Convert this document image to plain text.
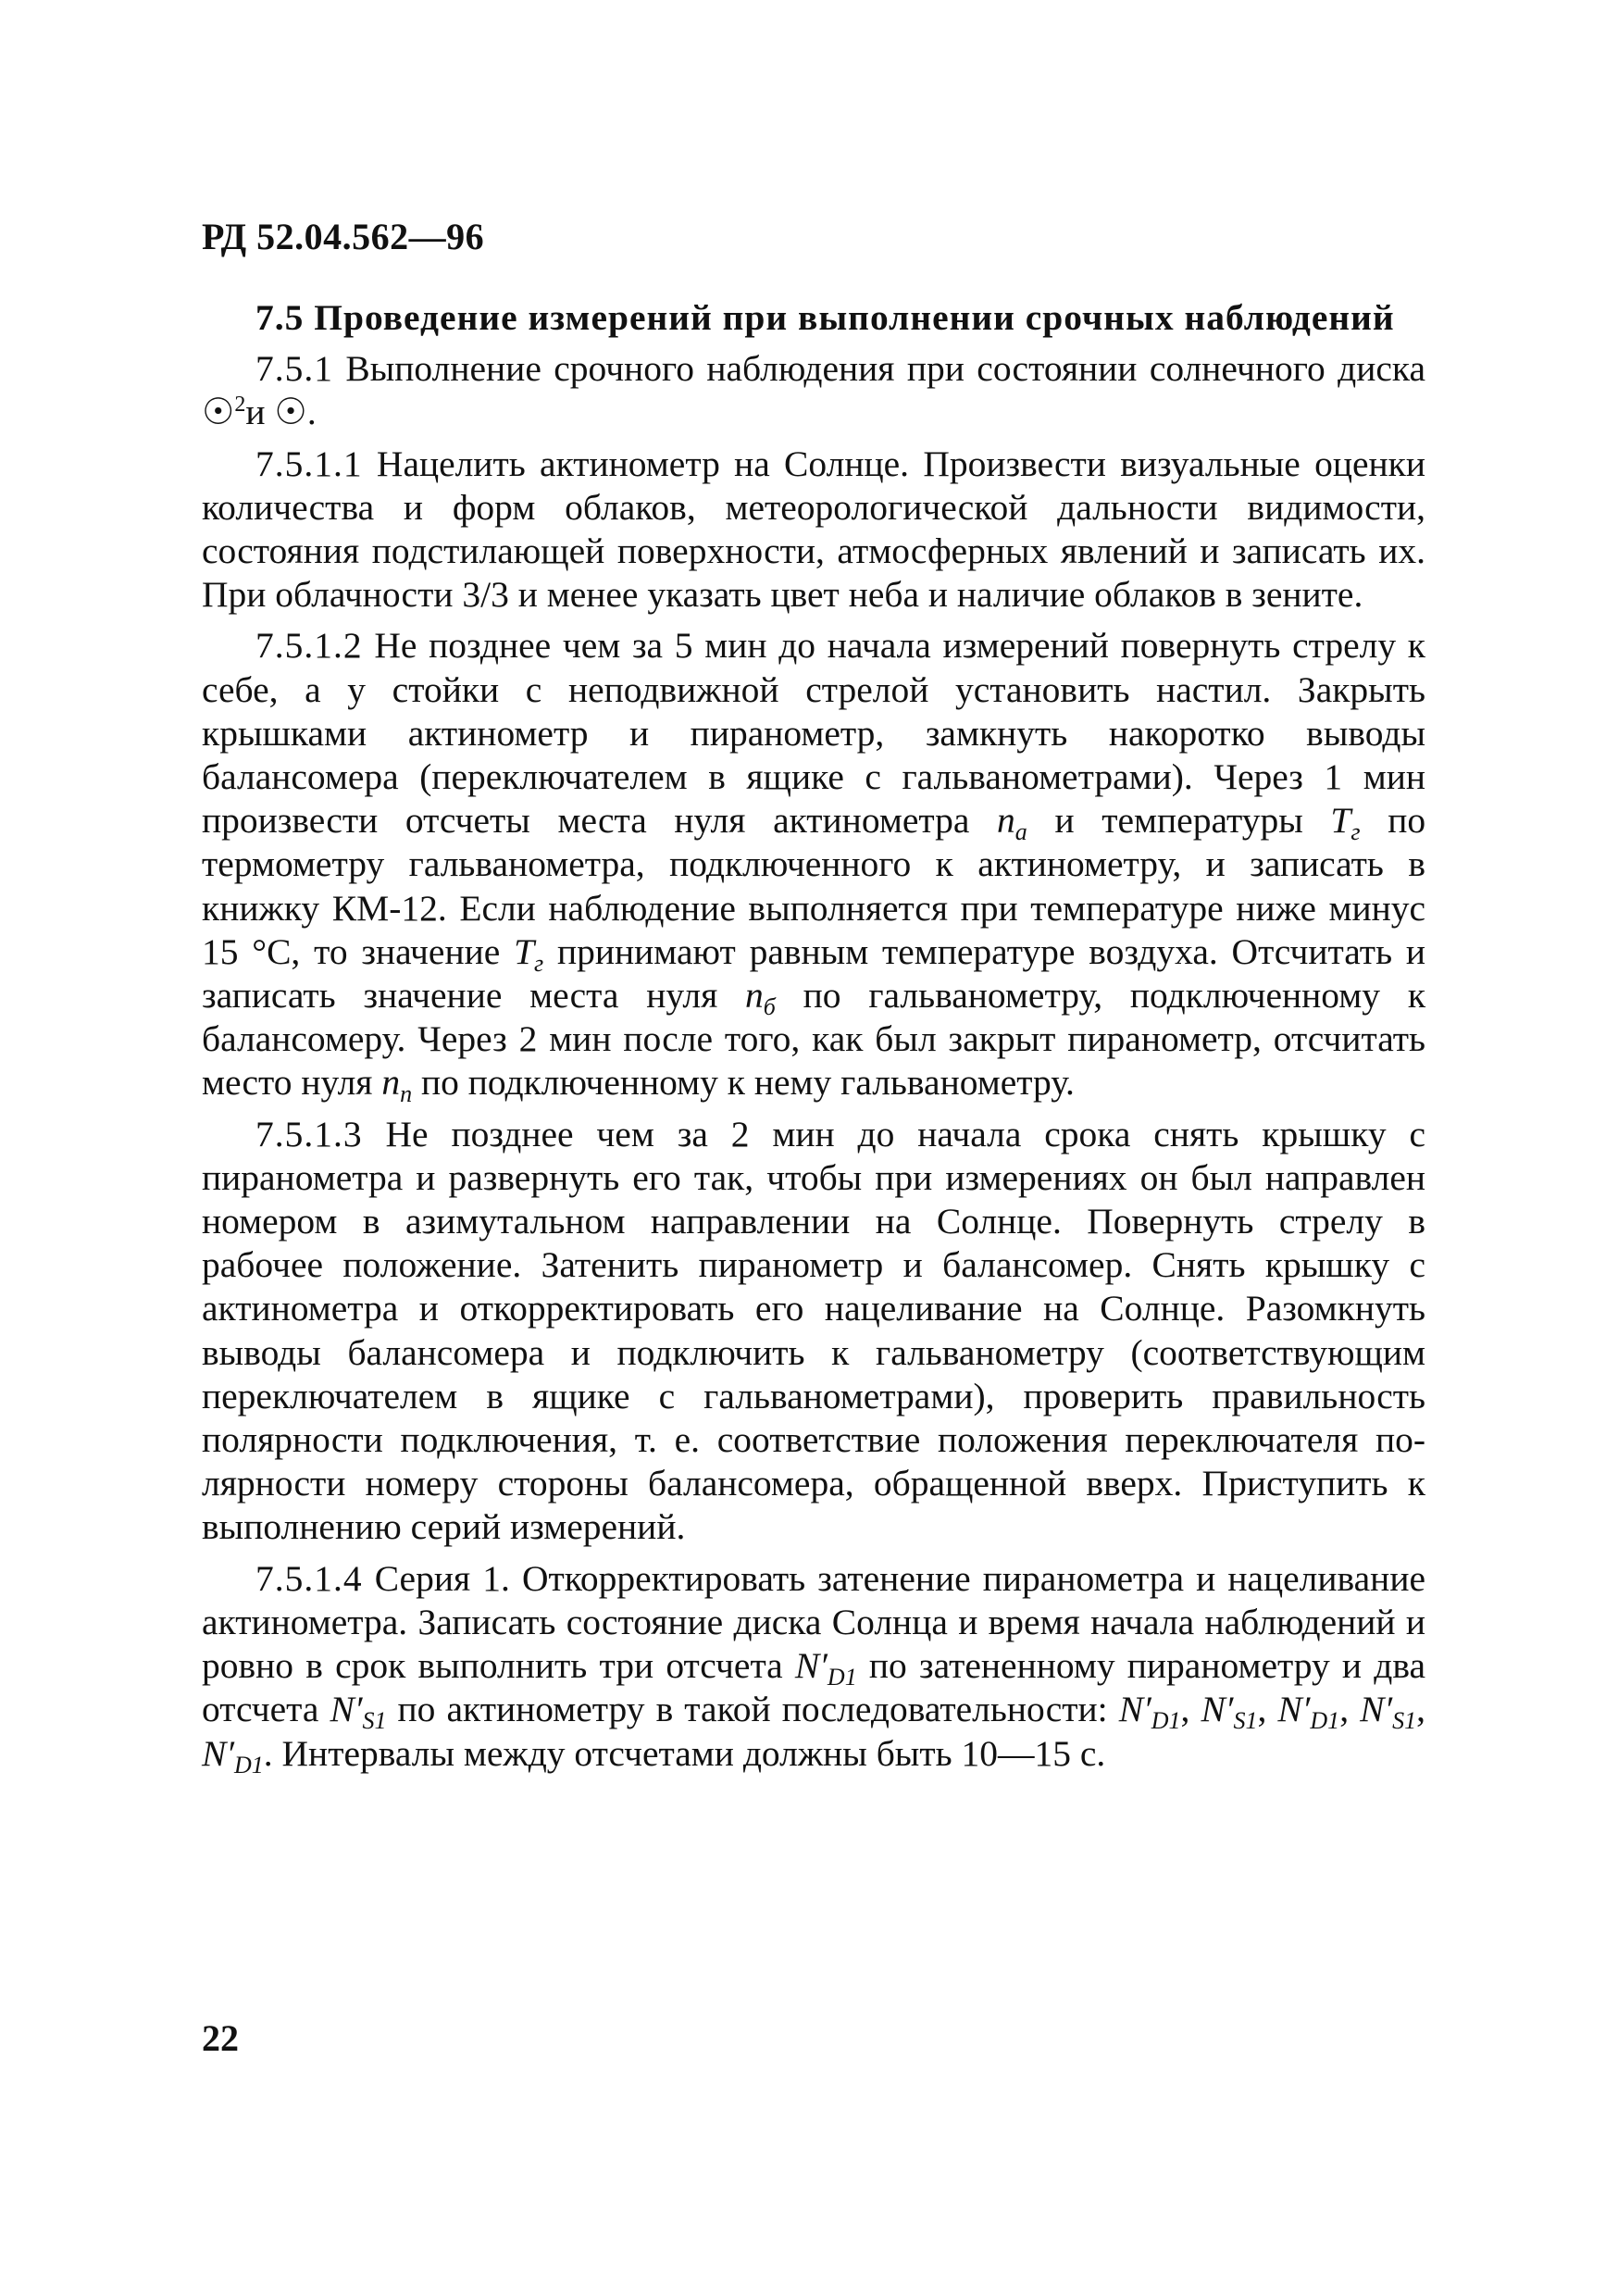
РД 52.04.562—96

7.5 Проведение измерений при выполнении срочных наблюдений

7.5.1 Выполнение срочного наблюдения при состоянии солнечного диска ☉$^2$и ☉.

7.5.1.1 Нацелить актинометр на Солнце. Произвести визуальные оценки количества и форм облаков, метеорологической дальности видимости, состояния подстилающей поверхности, атмосферных явлений и записать их. При облачности 3/3 и менее указать цвет неба и наличие облаков в зените.

7.5.1.2 Не позднее чем за 5 мин до начала измерений повернуть стрелу к себе, а у стойки с неподвижной стрелой установить настил. Закрыть крышками актинометр и пиранометр, замкнуть накоротко выводы балансомера (переключателем в ящике с гальванометрами). Через 1 мин произвести отсчеты места нуля актинометра $n_а$ и температуры $T_г$ по термометру гальванометра, подключенного к актинометру, и записать в книжку КМ-12. Если наблюдение выполняется при температуре ниже минус 15 °С, то значение $T_г$ принимают равным температуре воздуха. Отсчитать и записать значение места нуля $n_б$ по гальванометру, подключенному к балансомеру. Через 2 мин после того, как был закрыт пиранометр, отсчитать место нуля $n_п$ по подключенному к нему гальванометру.

7.5.1.3 Не позднее чем за 2 мин до начала срока снять крышку с пиранометра и развернуть его так, чтобы при измерениях он был направлен номером в азимутальном направлении на Солнце. Повернуть стрелу в рабочее положение. Затенить пиранометр и балансомер. Снять крышку с актинометра и откорректировать его нацеливание на Солнце. Разомкнуть выводы балансомера и подключить к гальванометру (соответствующим переключателем в ящике с гальванометрами), проверить правильность полярности подключения, т. е. соответствие положения переключателя полярности номеру стороны балансомера, обращенной вверх. Приступить к выполнению серий измерений.

7.5.1.4 Серия 1. Откорректировать затенение пиранометра и нацеливание актинометра. Записать состояние диска Солнца и время начала наблюдений и ровно в срок выполнить три отсчета $N'_{D1}$ по затененному пиранометру и два отсчета $N'_{S1}$ по актинометру в такой последовательности: $N'_{D1}$, $N'_{S1}$, $N'_{D1}$, $N'_{S1}$, $N'_{D1}$. Интервалы между отсчетами должны быть 10—15 с.

22
